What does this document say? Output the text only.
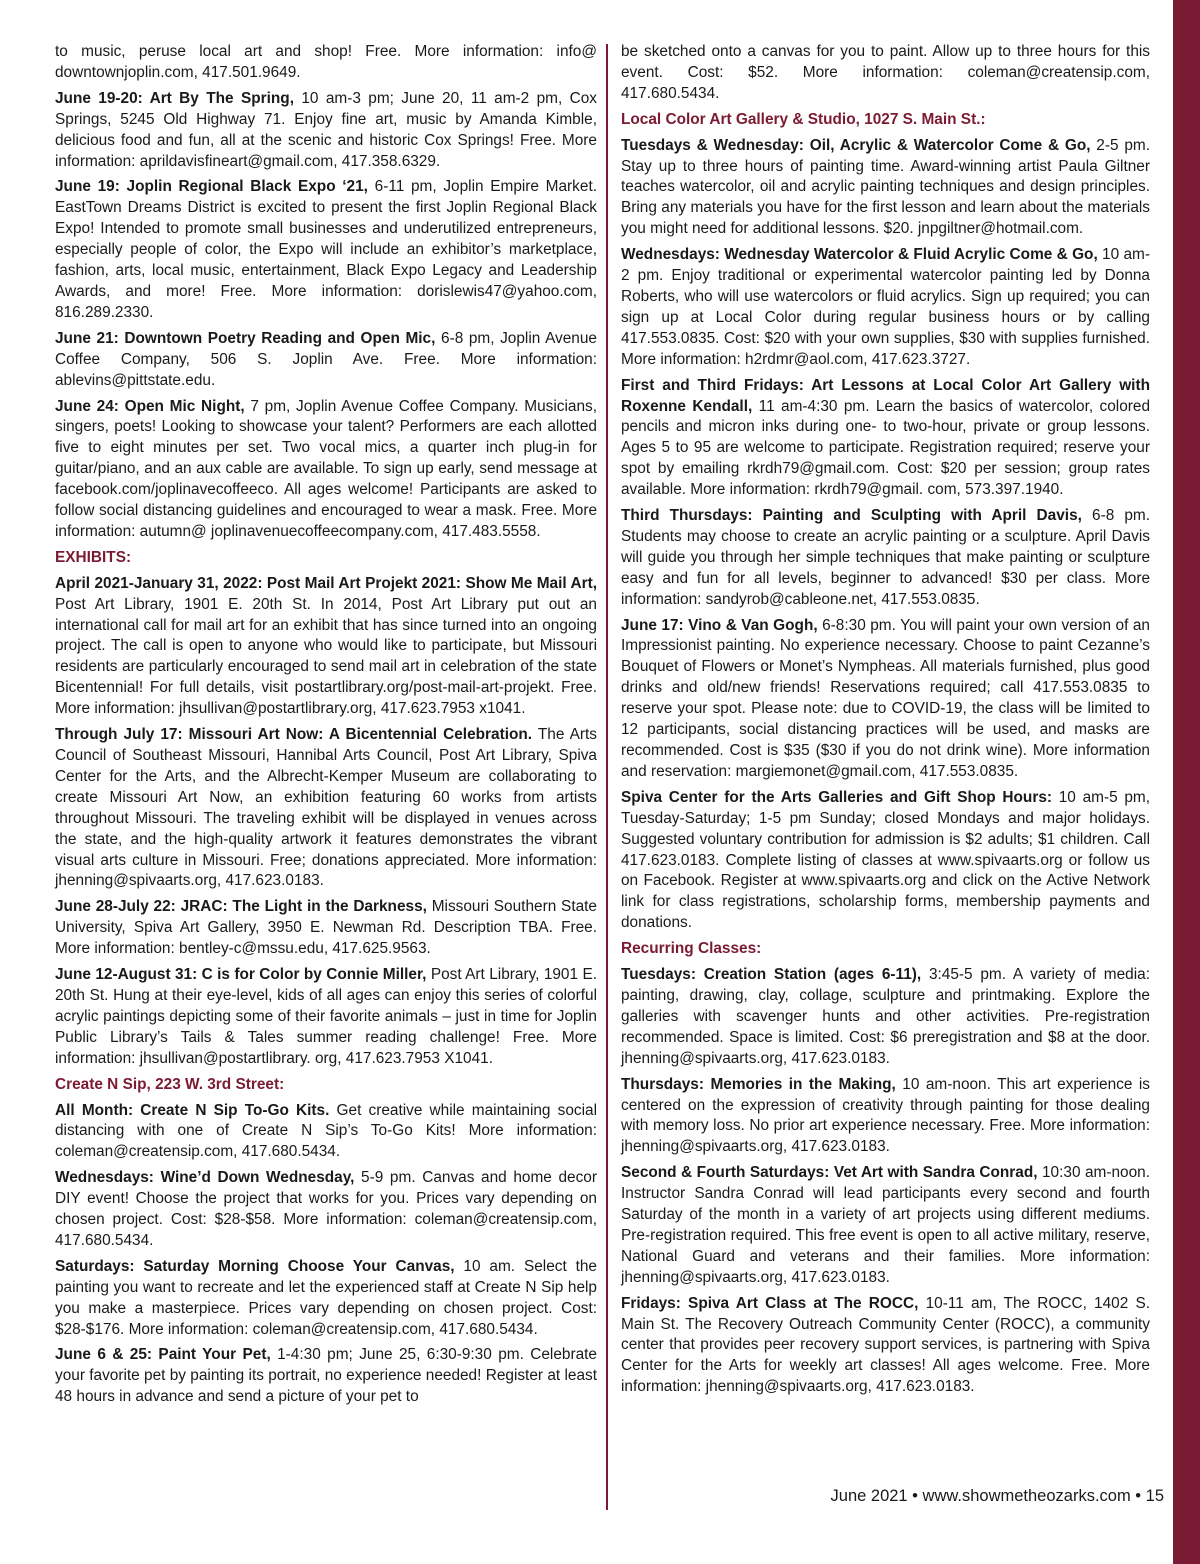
to music, peruse local art and shop! Free. More information: info@ downtownjoplin.com, 417.501.9649.
June 19-20: Art By The Spring, 10 am-3 pm; June 20, 11 am-2 pm, Cox Springs, 5245 Old Highway 71. Enjoy fine art, music by Amanda Kimble, delicious food and fun, all at the scenic and historic Cox Springs! Free. More information: aprildavisfineart@gmail.com, 417.358.6329.
June 19: Joplin Regional Black Expo ‘21, 6-11 pm, Joplin Empire Market. EastTown Dreams District is excited to present the first Joplin Regional Black Expo! Intended to promote small businesses and underutilized entrepreneurs, especially people of color, the Expo will include an exhibitor’s marketplace, fashion, arts, local music, entertainment, Black Expo Legacy and Leadership Awards, and more! Free. More information: dorislewis47@yahoo.com, 816.289.2330.
June 21: Downtown Poetry Reading and Open Mic, 6-8 pm, Joplin Avenue Coffee Company, 506 S. Joplin Ave. Free. More information: ablevins@pittstate.edu.
June 24: Open Mic Night, 7 pm, Joplin Avenue Coffee Company. Musicians, singers, poets! Looking to showcase your talent? Performers are each allotted five to eight minutes per set. Two vocal mics, a quarter inch plug-in for guitar/piano, and an aux cable are available. To sign up early, send message at facebook.com/joplinavecoffeeco. All ages welcome! Participants are asked to follow social distancing guidelines and encouraged to wear a mask. Free. More information: autumn@ joplinavenuecoffeecompany.com, 417.483.5558.
EXHIBITS:
April 2021-January 31, 2022: Post Mail Art Projekt 2021: Show Me Mail Art, Post Art Library, 1901 E. 20th St. In 2014, Post Art Library put out an international call for mail art for an exhibit that has since turned into an ongoing project. The call is open to anyone who would like to participate, but Missouri residents are particularly encouraged to send mail art in celebration of the state Bicentennial! For full details, visit postartlibrary.org/post-mail-art-projekt. Free. More information: jhsullivan@postartlibrary.org, 417.623.7953 x1041.
Through July 17: Missouri Art Now: A Bicentennial Celebration. The Arts Council of Southeast Missouri, Hannibal Arts Council, Post Art Library, Spiva Center for the Arts, and the Albrecht-Kemper Museum are collaborating to create Missouri Art Now, an exhibition featuring 60 works from artists throughout Missouri. The traveling exhibit will be displayed in venues across the state, and the high-quality artwork it features demonstrates the vibrant visual arts culture in Missouri. Free; donations appreciated. More information: jhenning@spivaarts.org, 417.623.0183.
June 28-July 22: JRAC: The Light in the Darkness, Missouri Southern State University, Spiva Art Gallery, 3950 E. Newman Rd. Description TBA. Free. More information: bentley-c@mssu.edu, 417.625.9563.
June 12-August 31: C is for Color by Connie Miller, Post Art Library, 1901 E. 20th St. Hung at their eye-level, kids of all ages can enjoy this series of colorful acrylic paintings depicting some of their favorite animals – just in time for Joplin Public Library’s Tails & Tales summer reading challenge! Free. More information: jhsullivan@postartlibrary. org, 417.623.7953 X1041.
Create N Sip, 223 W. 3rd Street:
All Month: Create N Sip To-Go Kits. Get creative while maintaining social distancing with one of Create N Sip’s To-Go Kits! More information: coleman@creatensip.com, 417.680.5434.
Wednesdays: Wine’d Down Wednesday, 5-9 pm. Canvas and home decor DIY event! Choose the project that works for you. Prices vary depending on chosen project. Cost: $28-$58. More information: coleman@creatensip.com, 417.680.5434.
Saturdays: Saturday Morning Choose Your Canvas, 10 am. Select the painting you want to recreate and let the experienced staff at Create N Sip help you make a masterpiece. Prices vary depending on chosen project. Cost: $28-$176. More information: coleman@creatensip.com, 417.680.5434.
June 6 & 25: Paint Your Pet, 1-4:30 pm; June 25, 6:30-9:30 pm. Celebrate your favorite pet by painting its portrait, no experience needed! Register at least 48 hours in advance and send a picture of your pet to
be sketched onto a canvas for you to paint. Allow up to three hours for this event. Cost: $52. More information: coleman@creatensip.com, 417.680.5434.
Local Color Art Gallery & Studio, 1027 S. Main St.:
Tuesdays & Wednesday: Oil, Acrylic & Watercolor Come & Go, 2-5 pm. Stay up to three hours of painting time. Award-winning artist Paula Giltner teaches watercolor, oil and acrylic painting techniques and design principles. Bring any materials you have for the first lesson and learn about the materials you might need for additional lessons. $20. jnpgiltner@hotmail.com.
Wednesdays: Wednesday Watercolor & Fluid Acrylic Come & Go, 10 am-2 pm. Enjoy traditional or experimental watercolor painting led by Donna Roberts, who will use watercolors or fluid acrylics. Sign up required; you can sign up at Local Color during regular business hours or by calling 417.553.0835. Cost: $20 with your own supplies, $30 with supplies furnished. More information: h2rdmr@aol.com, 417.623.3727.
First and Third Fridays: Art Lessons at Local Color Art Gallery with Roxenne Kendall, 11 am-4:30 pm. Learn the basics of watercolor, colored pencils and micron inks during one- to two-hour, private or group lessons. Ages 5 to 95 are welcome to participate. Registration required; reserve your spot by emailing rkrdh79@gmail.com. Cost: $20 per session; group rates available. More information: rkrdh79@gmail. com, 573.397.1940.
Third Thursdays: Painting and Sculpting with April Davis, 6-8 pm. Students may choose to create an acrylic painting or a sculpture. April Davis will guide you through her simple techniques that make painting or sculpture easy and fun for all levels, beginner to advanced! $30 per class. More information: sandyrob@cableone.net, 417.553.0835.
June 17: Vino & Van Gogh, 6-8:30 pm. You will paint your own version of an Impressionist painting. No experience necessary. Choose to paint Cezanne’s Bouquet of Flowers or Monet’s Nympheas. All materials furnished, plus good drinks and old/new friends! Reservations required; call 417.553.0835 to reserve your spot. Please note: due to COVID-19, the class will be limited to 12 participants, social distancing practices will be used, and masks are recommended. Cost is $35 ($30 if you do not drink wine). More information and reservation: margiemonet@gmail.com, 417.553.0835.
Spiva Center for the Arts Galleries and Gift Shop Hours: 10 am-5 pm, Tuesday-Saturday; 1-5 pm Sunday; closed Mondays and major holidays. Suggested voluntary contribution for admission is $2 adults; $1 children. Call 417.623.0183. Complete listing of classes at www.spivaarts.org or follow us on Facebook. Register at www.spivaarts.org and click on the Active Network link for class registrations, scholarship forms, membership payments and donations.
Recurring Classes:
Tuesdays: Creation Station (ages 6-11), 3:45-5 pm. A variety of media: painting, drawing, clay, collage, sculpture and printmaking. Explore the galleries with scavenger hunts and other activities. Pre-registration recommended. Space is limited. Cost: $6 preregistration and $8 at the door. jhenning@spivaarts.org, 417.623.0183.
Thursdays: Memories in the Making, 10 am-noon. This art experience is centered on the expression of creativity through painting for those dealing with memory loss. No prior art experience necessary. Free. More information: jhenning@spivaarts.org, 417.623.0183.
Second & Fourth Saturdays: Vet Art with Sandra Conrad, 10:30 am-noon. Instructor Sandra Conrad will lead participants every second and fourth Saturday of the month in a variety of art projects using different mediums. Pre-registration required. This free event is open to all active military, reserve, National Guard and veterans and their families. More information: jhenning@spivaarts.org, 417.623.0183.
Fridays: Spiva Art Class at The ROCC, 10-11 am, The ROCC, 1402 S. Main St. The Recovery Outreach Community Center (ROCC), a community center that provides peer recovery support services, is partnering with Spiva Center for the Arts for weekly art classes! All ages welcome. Free. More information: jhenning@spivaarts.org, 417.623.0183.
June 2021 • www.showmetheozarks.com • 15
